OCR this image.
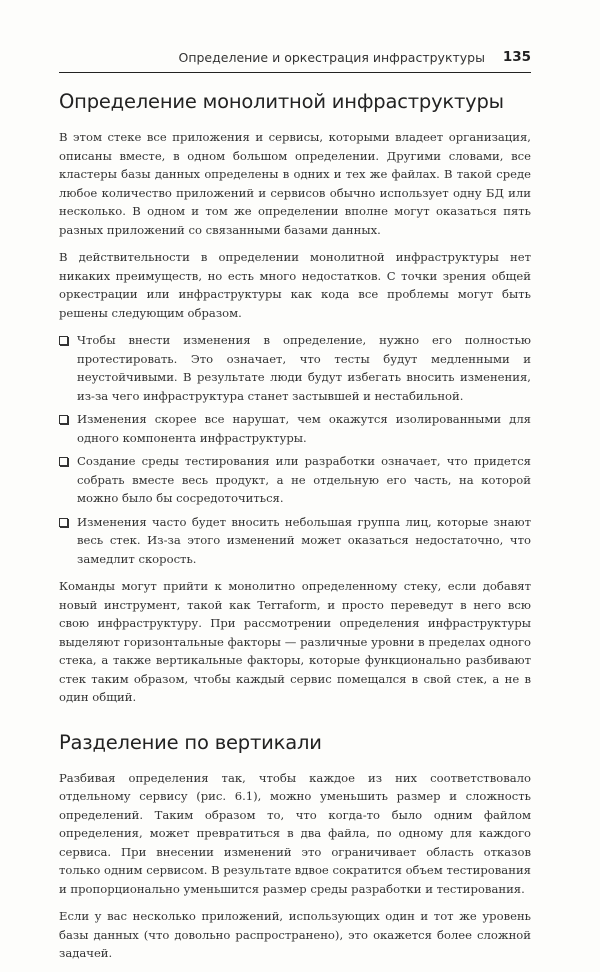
Определение и оркестрация инфраструктуры 135
Определение монолитной инфраструктуры

В этом стеке все приложения и сервисы, которыми владеет организация, описаны вместе, в одном большом определении. Другими словами, все кластеры базы данных определены в одних и тех же файлах. В такой среде любое количество приложений и сервисов обычно использует одну БД или несколько. В одном и том же определении вполне могут оказаться пять разных приложений со связанными базами данных.

В действительности в определении монолитной инфраструктуры нет никаких преимуществ, но есть много недостатков. С точки зрения общей оркестрации или инфраструктуры как кода все проблемы могут быть решены следующим образом.

Чтобы внести изменения в определение, нужно его полностью протестировать. Это означает, что тесты будут медленными и неустойчивыми. В результате люди будут избегать вносить изменения, из-за чего инфраструктура станет застывшей и нестабильной.
Изменения скорее все нарушат, чем окажутся изолированными для одного компонента инфраструктуры.
Создание среды тестирования или разработки означает, что придется собрать вместе весь продукт, а не отдельную его часть, на которой можно было бы сосредоточиться.
Изменения часто будет вносить небольшая группа лиц, которые знают весь стек. Из-за этого изменений может оказаться недостаточно, что замедлит скорость.

Команды могут прийти к монолитно определенному стеку, если добавят новый инструмент, такой как Terraform, и просто переведут в него всю свою инфраструктуру. При рассмотрении определения инфраструктуры выделяют горизонтальные факторы — различные уровни в пределах одного стека, а также вертикальные факторы, которые функционально разбивают стек таким образом, чтобы каждый сервис помещался в свой стек, а не в один общий.

Разделение по вертикали

Разбивая определения так, чтобы каждое из них соответствовало отдельному сервису (рис. 6.1), можно уменьшить размер и сложность определений. Таким образом то, что когда-то было одним файлом определения, может превратиться в два файла, по одному для каждого сервиса. При внесении изменений это ограничивает область отказов только одним сервисом. В результате вдвое сократится объем тестирования и пропорционально уменьшится размер среды разработки и тестирования.

Если у вас несколько приложений, использующих один и тот же уровень базы данных (что довольно распространено), это окажется более сложной задачей.
